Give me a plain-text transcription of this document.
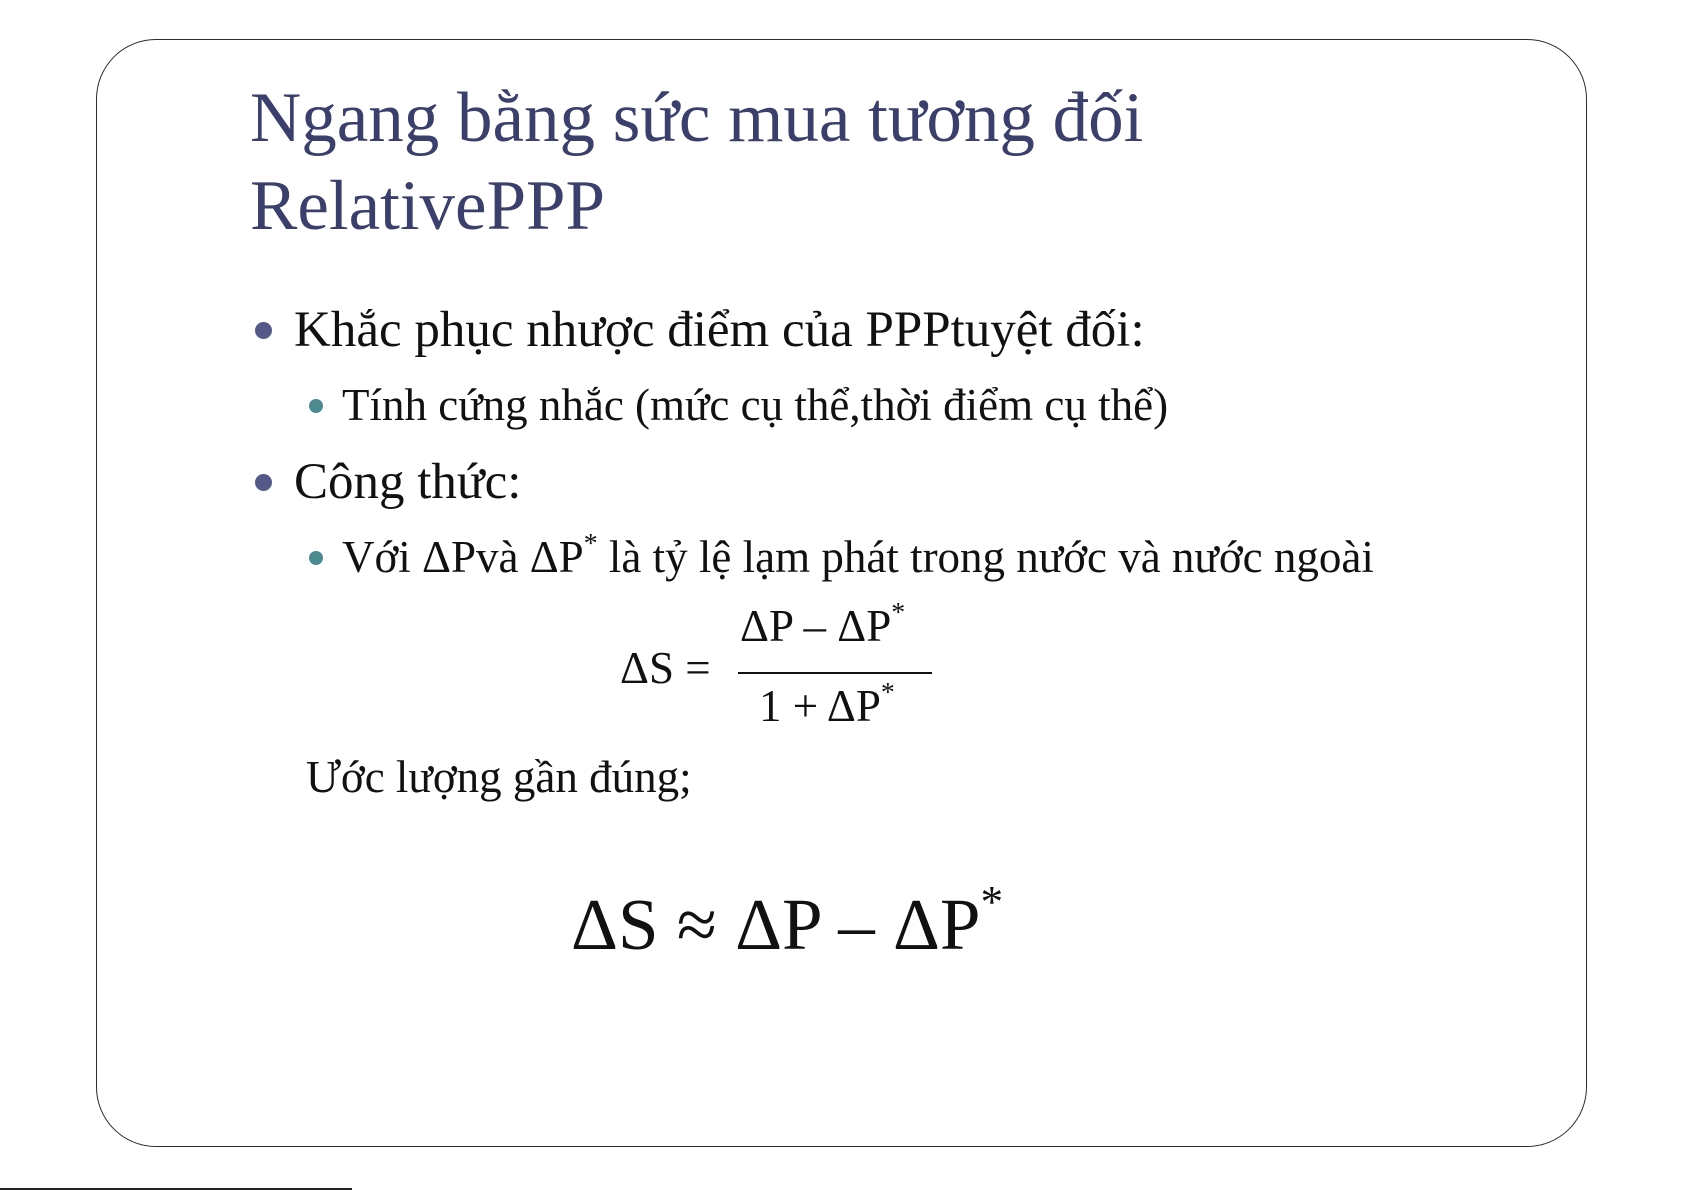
Ngang bằng sức mua tương đối
RelativePPP
Khắc phục nhược điểm của PPPtuyệt đối:
Tính cứng nhắc (mức cụ thể,thời điểm cụ thể)
Công thức:
Với ΔPvà ΔP* là tỷ lệ lạm phát trong nước và nước ngoài
ΔS =
ΔP – ΔP*
1 + ΔP*
Ước lượng gần đúng;
ΔS ≈ ΔP – ΔP*
